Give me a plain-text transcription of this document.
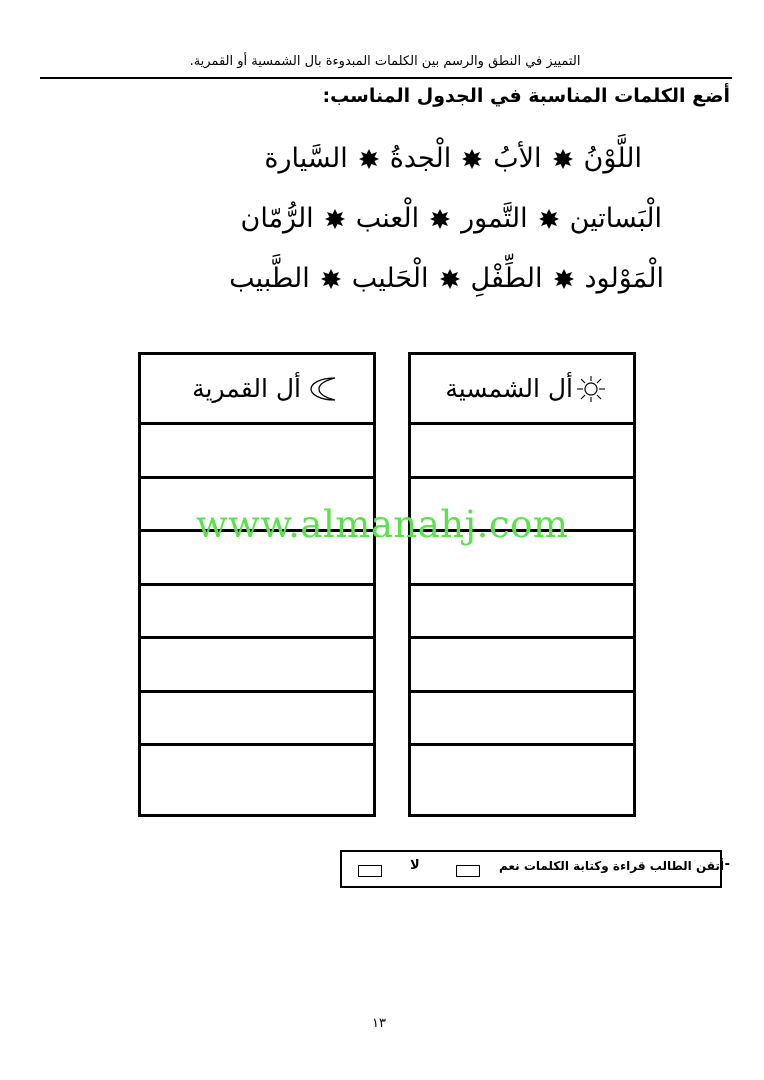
التمييز في النطق والرسم بين الكلمات المبدوءة بال الشمسية أو القمرية.
أضع الكلمات المناسبة في الجدول المناسب:
اللَّوْنُ
الأبُ
الْجدةُ
السَّيارة
الْبَساتين
التَّمور
الْعنب
الرُّمّان
الْمَوْلود
الطِّفْلِ
الْحَليب
الطَّبيب
أل القمرية	أل الشمسية
www.almanahj.com
-
أتقن الطالب قراءة وكتابة الكلمات نعم
لا
١٣
